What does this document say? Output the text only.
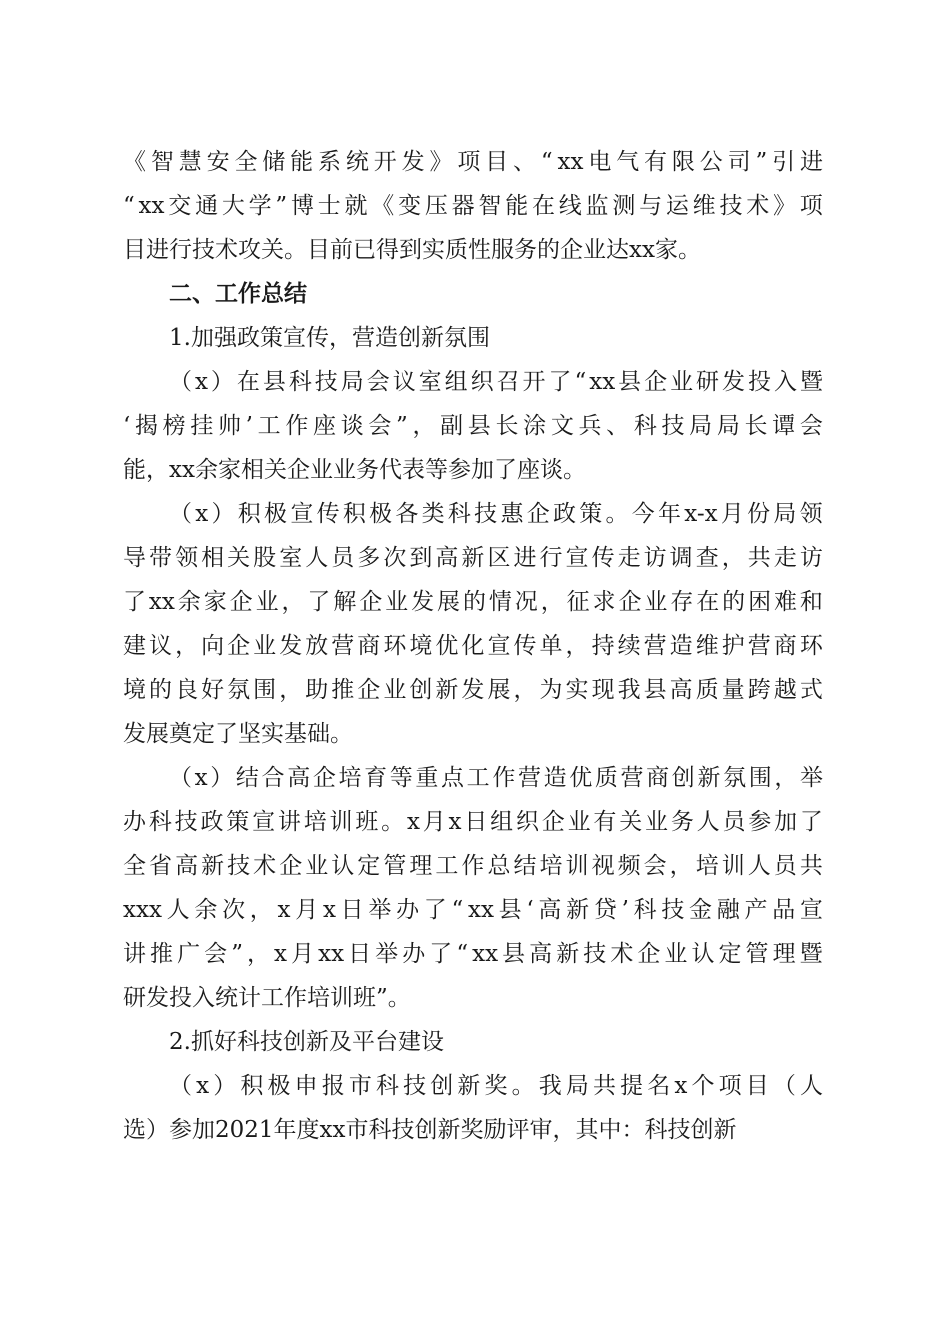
《 智 慧 安 全 储 能 系 统 开 发 》 项 目 、 “ xx 电 气 有 限 公 司 ” 引 进
“ xx 交 通 大 学 ” 博 士 就 《 变 压 器 智 能 在 线 监 测 与 运 维 技 术 》 项
目进行技术攻关。目前已得到实质性服务的企业达xx家。
二、工作总结
1.加强政策宣传，营造创新氛围
（ x ） 在 县 科 技 局 会 议 室 组 织 召 开 了 “ xx 县 企 业 研 发 投 入 暨
‘ 揭 榜 挂 帅 ’ 工 作 座 谈 会 ” ， 副 县 长 涂 文 兵 、 科 技 局 局 长 谭 会
能，xx余家相关企业业务代表等参加了座谈。
（ x ） 积 极 宣 传 积 极 各 类 科 技 惠 企 政 策 。 今 年 x-x 月 份 局 领
导 带 领 相 关 股 室 人 员 多 次 到 高 新 区 进 行 宣 传 走 访 调 查 ， 共 走 访
了 xx 余 家 企 业 ， 了 解 企 业 发 展 的 情 况 ， 征 求 企 业 存 在 的 困 难 和
建 议 ， 向 企 业 发 放 营 商 环 境 优 化 宣 传 单 ， 持 续 营 造 维 护 营 商 环
境 的 良 好 氛 围 ， 助 推 企 业 创 新 发 展 ， 为 实 现 我 县 高 质 量 跨 越 式
发展奠定了坚实基础。
（ x ） 结 合 高 企 培 育 等 重 点 工 作 营 造 优 质 营 商 创 新 氛 围 ， 举
办 科 技 政 策 宣 讲 培 训 班 。 x 月 x 日 组 织 企 业 有 关 业 务 人 员 参 加 了
全 省 高 新 技 术 企 业 认 定 管 理 工 作 总 结 培 训 视 频 会 ， 培 训 人 员 共
xxx 人 余 次 ， x 月 x 日 举 办 了 “ xx 县 ‘ 高 新 贷 ’ 科 技 金 融 产 品 宣
讲 推 广 会 ” ， x 月 xx 日 举 办 了 “ xx 县 高 新 技 术 企 业 认 定 管 理 暨
研发投入统计工作培训班”。
2.抓好科技创新及平台建设
（ x ） 积 极 申 报 市 科 技 创 新 奖 。 我 局 共 提 名 x 个 项 目 （ 人
选）参加2021年度xx市科技创新奖励评审，其中：科技创新
